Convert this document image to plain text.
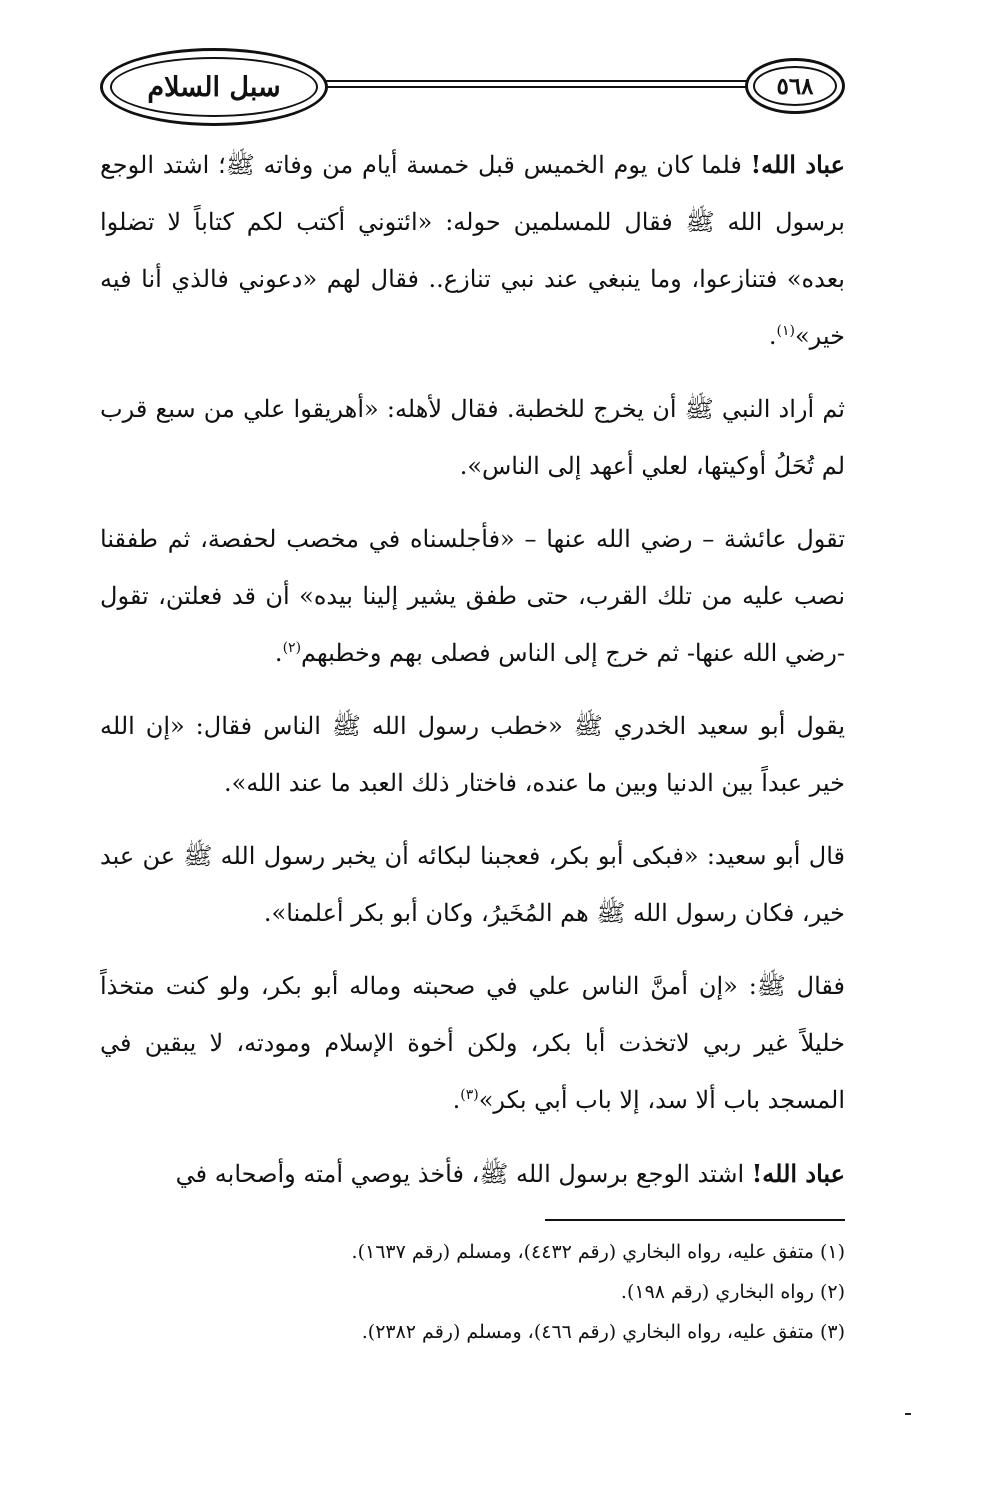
سبل السلام	٥٦٨

عباد الله! فلما كان يوم الخميس قبل خمسة أيام من وفاته ﷺ؛ اشتد الوجع برسول الله ﷺ فقال للمسلمين حوله: «ائتوني أكتب لكم كتاباً لا تضلوا بعده» فتنازعوا، وما ينبغي عند نبي تنازع.. فقال لهم «دعوني فالذي أنا فيه خير»$^{(١)}$.

ثم أراد النبي ﷺ أن يخرج للخطبة. فقال لأهله: «أهريقوا علي من سبع قرب لم تُحَلُ أوكيتها، لعلي أعهد إلى الناس».

تقول عائشة – رضي الله عنها – «فأجلسناه في مخصب لحفصة، ثم طفقنا نصب عليه من تلك القرب، حتى طفق يشير إلينا بيده» أن قد فعلتن، تقول -رضي الله عنها- ثم خرج إلى الناس فصلى بهم وخطبهم$^{(٢)}$.

يقول أبو سعيد الخدري ﷺ «خطب رسول الله ﷺ الناس فقال: «إن الله خير عبداً بين الدنيا وبين ما عنده، فاختار ذلك العبد ما عند الله».

قال أبو سعيد: «فبكى أبو بكر، فعجبنا لبكائه أن يخبر رسول الله ﷺ عن عبد خير، فكان رسول الله ﷺ هم المُخَيرُ، وكان أبو بكر أعلمنا».

فقال ﷺ: «إن أمنَّ الناس علي في صحبته وماله أبو بكر، ولو كنت متخذاً خليلاً غير ربي لاتخذت أبا بكر، ولكن أخوة الإسلام ومودته، لا يبقين في المسجد باب ألا سد، إلا باب أبي بكر»$^{(٣)}$.

عباد الله! اشتد الوجع برسول الله ﷺ، فأخذ يوصي أمته وأصحابه في

(١) متفق عليه، رواه البخاري (رقم ٤٤٣٢)، ومسلم (رقم ١٦٣٧).

(٢) رواه البخاري (رقم ١٩٨).

(٣) متفق عليه، رواه البخاري (رقم ٤٦٦)، ومسلم (رقم ٢٣٨٢).
